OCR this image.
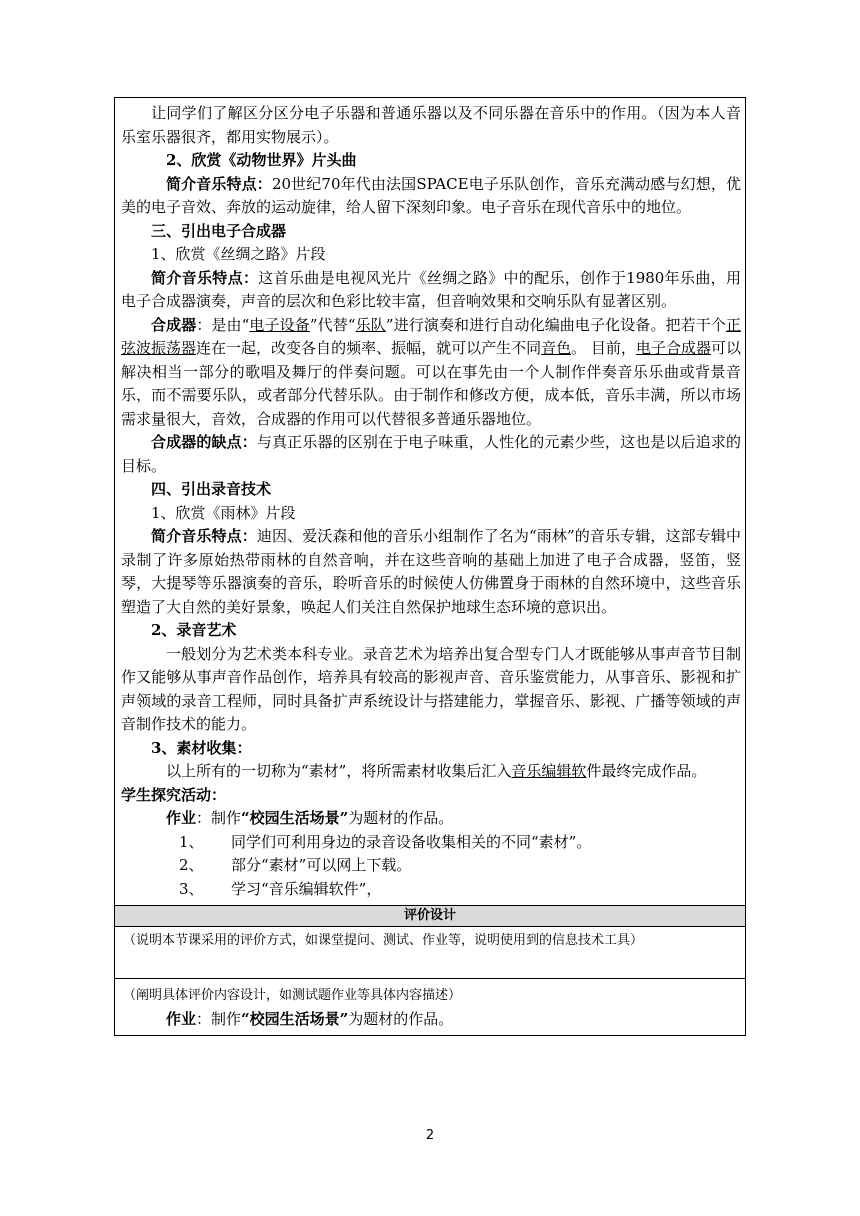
让同学们了解区分区分电子乐器和普通乐器以及不同乐器在音乐中的作用。（因为本人音乐室乐器很齐，都用实物展示）。

2、欣赏《动物世界》片头曲

简介音乐特点：20世纪70年代由法国SPACE电子乐队创作，音乐充满动感与幻想，优美的电子音效、奔放的运动旋律，给人留下深刻印象。电子音乐在现代音乐中的地位。

三、引出电子合成器

1、欣赏《丝绸之路》片段

简介音乐特点：这首乐曲是电视风光片《丝绸之路》中的配乐，创作于1980年乐曲，用电子合成器演奏，声音的层次和色彩比较丰富，但音响效果和交响乐队有显著区别。

合成器：是由“电子设备”代替“乐队”进行演奏和进行自动化编曲电子化设备。把若干个正弦波振荡器连在一起，改变各自的频率、振幅，就可以产生不同音色。 目前，电子合成器可以解决相当一部分的歌唱及舞厅的伴奏问题。可以在事先由一个人制作伴奏音乐乐曲或背景音乐，而不需要乐队，或者部分代替乐队。由于制作和修改方便，成本低，音乐丰满，所以市场需求量很大，音效，合成器的作用可以代替很多普通乐器地位。

合成器的缺点：与真正乐器的区别在于电子味重，人性化的元素少些，这也是以后追求的目标。

四、引出录音技术

1、欣赏《雨林》片段

简介音乐特点：迪因、爱沃森和他的音乐小组制作了名为“雨林”的音乐专辑，这部专辑中录制了许多原始热带雨林的自然音响，并在这些音响的基础上加进了电子合成器，竖笛，竖琴，大提琴等乐器演奏的音乐，聆听音乐的时候使人仿佛置身于雨林的自然环境中，这些音乐塑造了大自然的美好景象，唤起人们关注自然保护地球生态环境的意识出。

2、录音艺术

一般划分为艺术类本科专业。录音艺术为培养出复合型专门人才既能够从事声音节目制作又能够从事声音作品创作，培养具有较高的影视声音、音乐鉴赏能力，从事音乐、影视和扩声领域的录音工程师，同时具备扩声系统设计与搭建能力，掌握音乐、影视、广播等领域的声音制作技术的能力。

3、素材收集：

以上所有的一切称为“素材”，将所需素材收集后汇入音乐编辑软件最终完成作品。

学生探究活动：

作业：制作“校园生活场景”为题材的作品。

1、 同学们可利用身边的录音设备收集相关的不同“素材”。

2、 部分“素材”可以网上下载。

3、 学习“音乐编辑软件”，

评价设计
（说明本节课采用的评价方式，如课堂提问、测试、作业等，说明使用到的信息技术工具）
（阐明具体评价内容设计，如测试题作业等具体内容描述）
作业：制作“校园生活场景”为题材的作品。
2
